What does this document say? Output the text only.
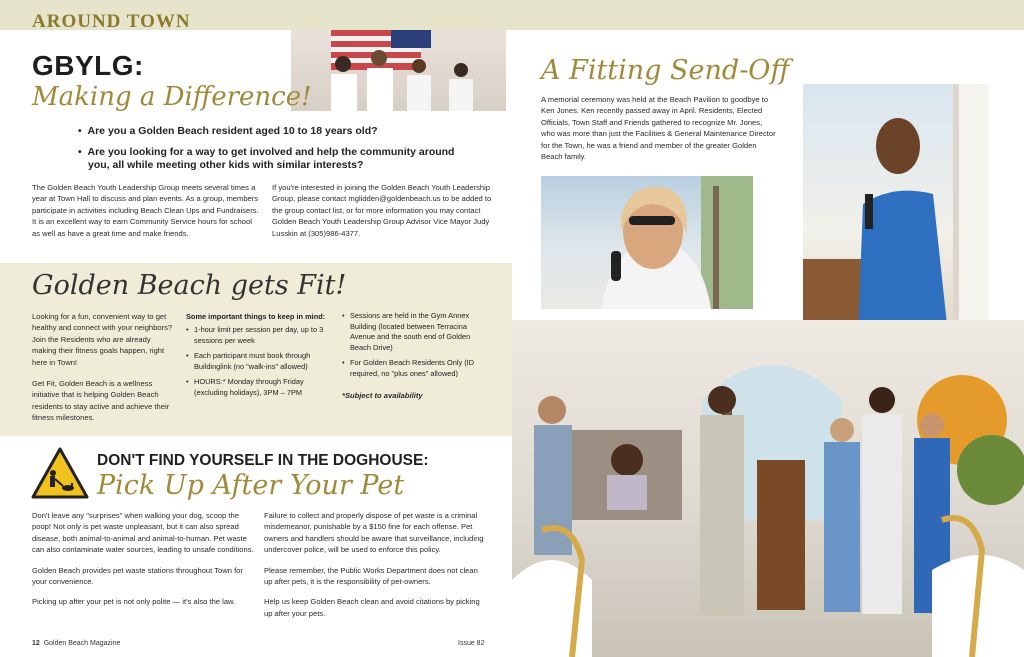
AROUND TOWN
GBYLG:
Making a Difference!
•  Are you a Golden Beach resident aged 10 to 18 years old?
•  Are you looking for a way to get involved and help the community around you, all while meeting other kids with similar interests?
The Golden Beach Youth Leadership Group meets several times a year at Town Hall to discuss and plan events. As a group, members participate in activities including Beach Clean Ups and Fundraisers. It is an excellent way to earn Community Service hours for school as well as have a great time and make friends.
If you're interested in joining the Golden Beach Youth Leadership Group, please contact mglidden@goldenbeach.us to be added to the group contact list, or for more information you may contact Golden Beach Youth Leadership Group Advisor Vice Mayor Judy Lusskin at (305)986-4377.
Golden Beach gets Fit!
Looking for a fun, convenient way to get healthy and connect with your neighbors? Join the Residents who are already making their fitness goals happen, right here in Town!
Get Fit, Golden Beach is a wellness initiative that is helping Golden Beach residents to stay active and achieve their fitness milestones.
Some important things to keep in mind:
• 1-hour limit per session per day, up to 3 sessions per week
• Each participant must book through Buildinglink (no "walk-ins" allowed)
• HOURS:* Monday through Friday (excluding holidays), 3PM – 7PM
• Sessions are held in the Gym Annex Building (located between Terracina Avenue and the south end of Golden Beach Drive)
• For Golden Beach Residents Only (ID required, no "plus ones" allowed)
*Subject to availability
DON'T FIND YOURSELF IN THE DOGHOUSE:
Pick Up After Your Pet

Don't leave any "surprises" when walking your dog, scoop the poop! Not only is pet waste unpleasant, but it can also spread disease, both animal-to-animal and animal-to-human. Pet waste can also contaminate water sources, leading to unsafe conditions.

Golden Beach provides pet waste stations throughout Town for your convenience.

Picking up after your pet is not only polite — it's also the law.

Failure to collect and properly dispose of pet waste is a criminal misdemeanor, punishable by a $150 fine for each offense. Pet owners and handlers should be aware that surveillance, including undercover police, will be used to enforce this policy.

Please remember, the Public Works Department does not clean up after pets, it is the responsibility of pet-owners.

Help us keep Golden Beach clean and avoid citations by picking up after your pets.

12 Golden Beach Magazine	Issue 82
A Fitting Send-Off
A memorial ceremony was held at the Beach Pavilion to goodbye to Ken Jones. Ken recently passed away in April. Residents, Elected Officials, Town Staff and Friends gathered to recognize Mr. Jones, who was more than just the Facilities & General Maintenance Director for the Town, he was a friend and member of the greater Golden Beach family.
